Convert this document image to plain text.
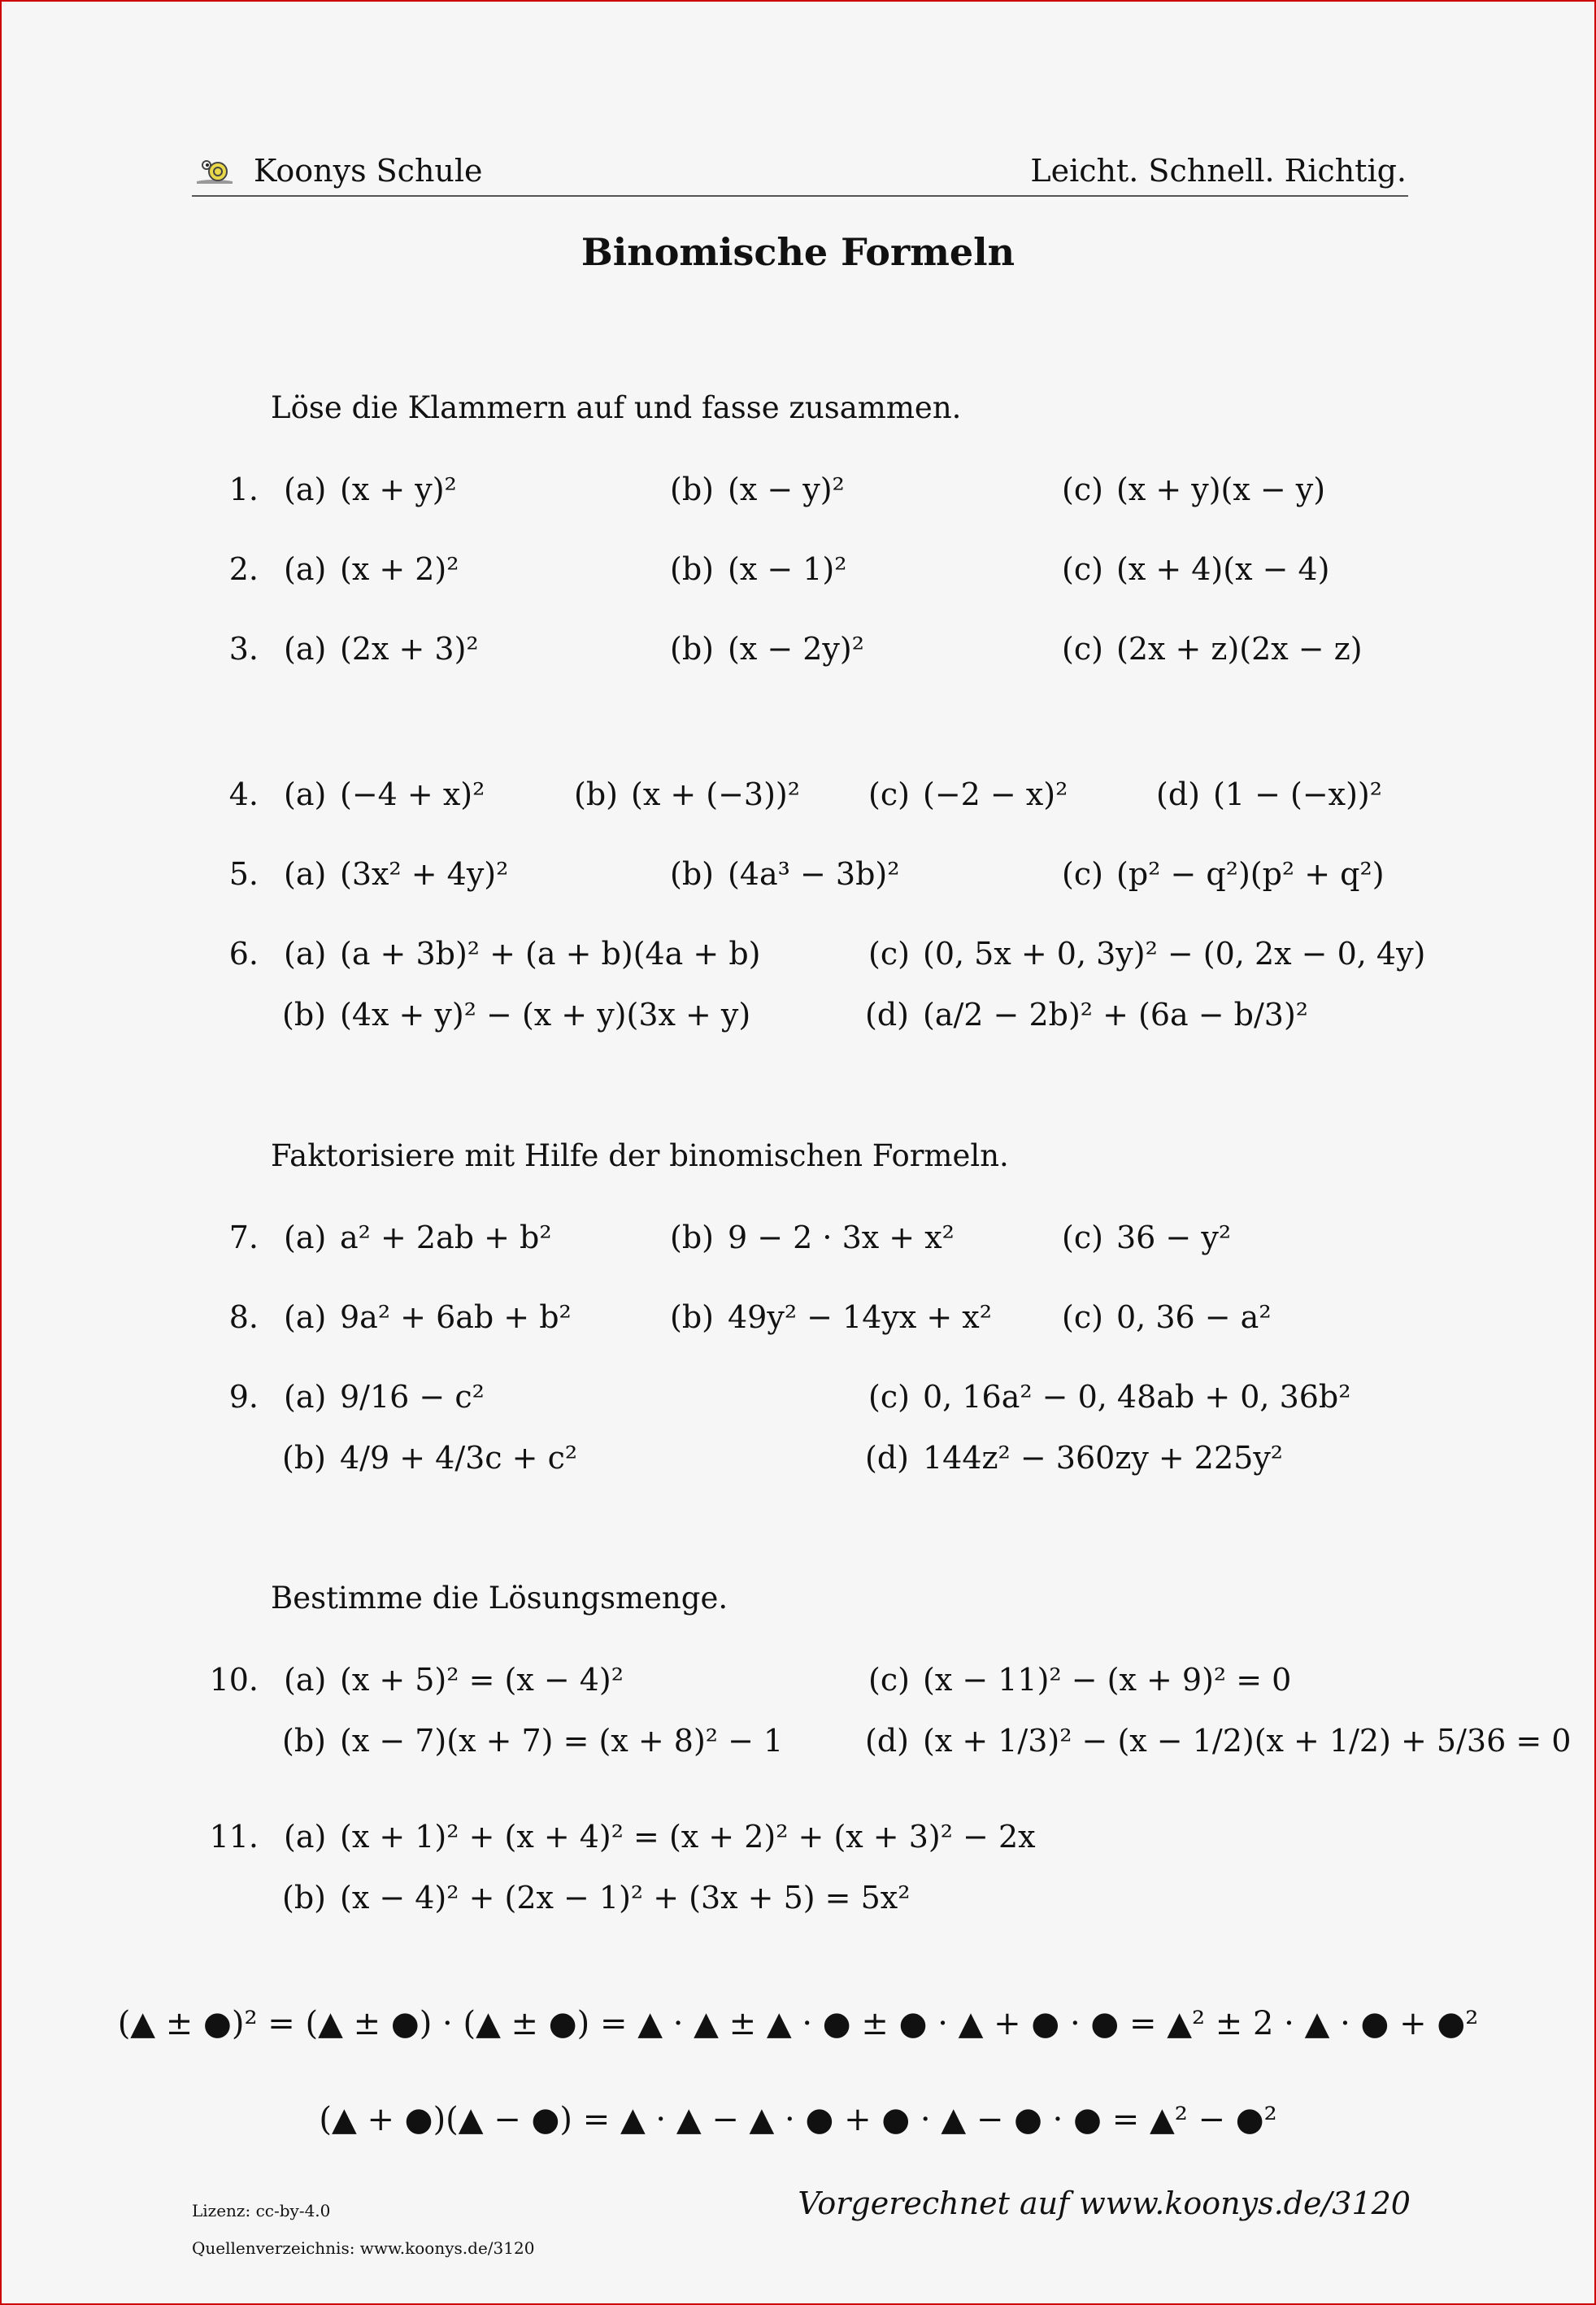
Koonys Schule	Leicht. Schnell. Richtig.
Binomische Formeln
Löse die Klammern auf und fasse zusammen.
1. (a) (x + y)²	(b) (x − y)²	(c) (x + y)(x − y)
2. (a) (x + 2)²	(b) (x − 1)²	(c) (x + 4)(x − 4)
3. (a) (2x + 3)²	(b) (x − 2y)²	(c) (2x + z)(2x − z)
4. (a) (−4 + x)²	(b) (x + (−3))² (c) (−2 − x)²	(d) (1 − (−x))²
5. (a) (3x² + 4y)²	(b) (4a³ − 3b)²	(c) (p² − q²)(p² + q²)
6. (a) (a + 3b)² + (a + b)(4a + b)	(c) (0, 5x + 0, 3y)² − (0, 2x − 0, 4y)
(b) (4x + y)² − (x + y)(3x + y)	(d) (a/2 − 2b)² + (6a − b/3)²
Faktorisiere mit Hilfe der binomischen Formeln.
7. (a) a² + 2ab + b²	(b) 9 − 2 · 3x + x²	(c) 36 − y²
8. (a) 9a² + 6ab + b²	(b) 49y² − 14yx + x² (c) 0, 36 − a²
9. (a) 9/16 − c²	(c) 0, 16a² − 0, 48ab + 0, 36b²
(b) 4/9 + 4/3c + c²	(d) 144z² − 360zy + 225y²
Bestimme die Lösungsmenge.
10. (a) (x + 5)² = (x − 4)²	(c) (x − 11)² − (x + 9)² = 0
(b) (x − 7)(x + 7) = (x + 8)² − 1	(d) (x + 1/3)² − (x − 1/2)(x + 1/2) + 5/36 = 0
11. (a) (x + 1)² + (x + 4)² = (x + 2)² + (x + 3)² − 2x
(b) (x − 4)² + (2x − 1)² + (3x + 5) = 5x²
(▲ ± ●)² = (▲ ± ●) · (▲ ± ●) = ▲ · ▲ ± ▲ · ● ± ● · ▲ + ● · ● = ▲² ± 2 · ▲ · ● + ●²
(▲ + ●)(▲ − ●) = ▲ · ▲ − ▲ · ● + ● · ▲ − ● · ● = ▲² − ●²
Lizenz: cc-by-4.0
Quellenverzeichnis: www.koonys.de/3120
Vorgerechnet auf www.koonys.de/3120
